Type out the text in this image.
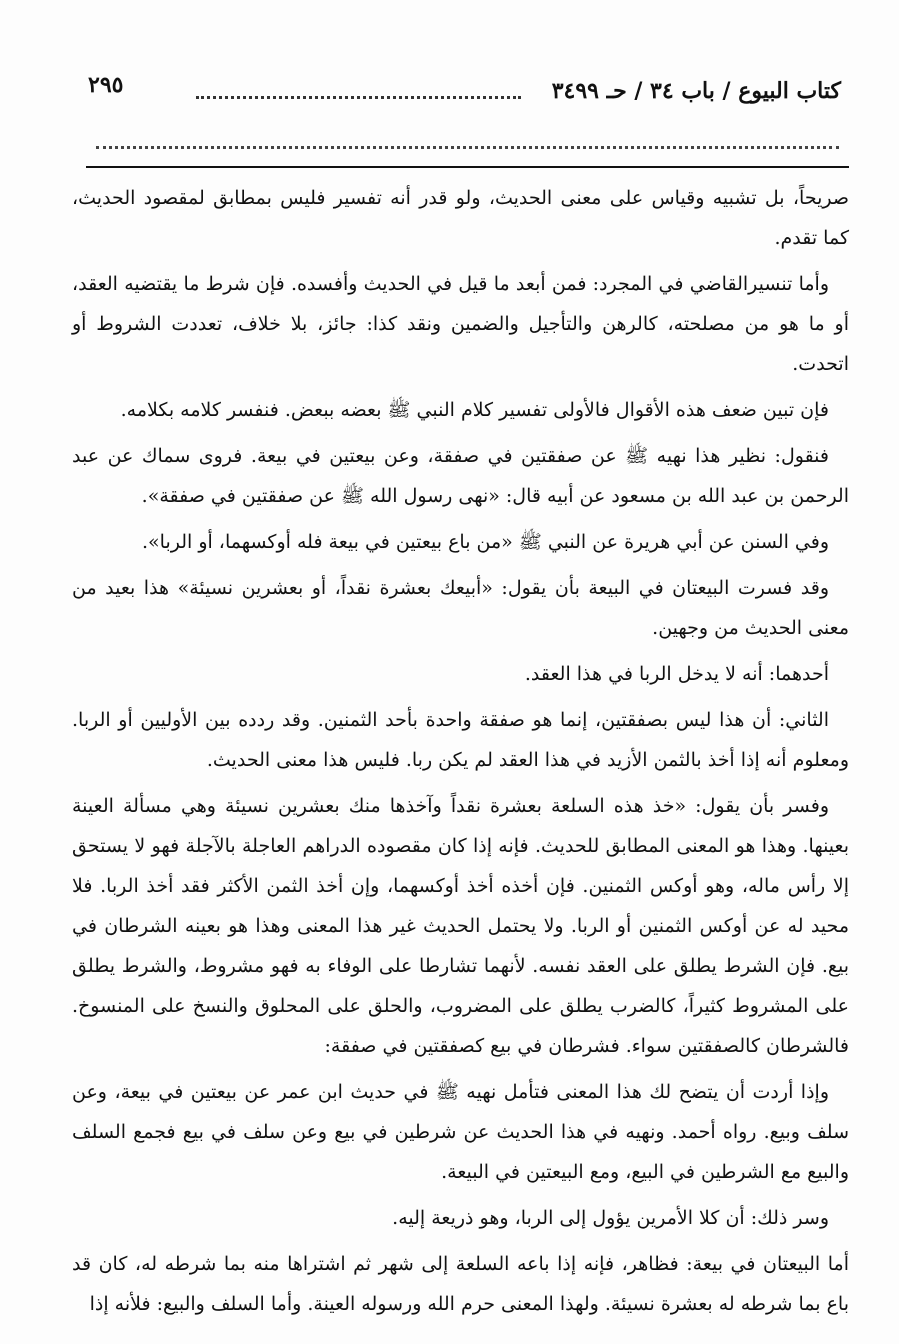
كتاب البيوع / باب ٣٤ / حـ ٣٤٩٩
٢٩٥

صريحاً، بل تشبيه وقياس على معنى الحديث، ولو قدر أنه تفسير فليس بمطابق لمقصود الحديث، كما تقدم.

وأما تنسيرالقاضي في المجرد: فمن أبعد ما قيل في الحديث وأفسده. فإن شرط ما يقتضيه العقد، أو ما هو من مصلحته، كالرهن والتأجيل والضمين ونقد كذا: جائز، بلا خلاف، تعددت الشروط أو اتحدت.

فإن تبين ضعف هذه الأقوال فالأولى تفسير كلام النبي ﷺ بعضه ببعض. فنفسر كلامه بكلامه.

فنقول: نظير هذا نهيه ﷺ عن صفقتين في صفقة، وعن بيعتين في بيعة. فروى سماك عن عبد الرحمن بن عبد الله بن مسعود عن أبيه قال: «نهى رسول الله ﷺ عن صفقتين في صفقة».

وفي السنن عن أبي هريرة عن النبي ﷺ «من باع بيعتين في بيعة فله أوكسهما، أو الربا».

وقد فسرت البيعتان في البيعة بأن يقول: «أبيعك بعشرة نقداً، أو بعشرين نسيئة» هذا بعيد من معنى الحديث من وجهين.

أحدهما: أنه لا يدخل الربا في هذا العقد.

الثاني: أن هذا ليس بصفقتين، إنما هو صفقة واحدة بأحد الثمنين. وقد ردده بين الأوليين أو الربا. ومعلوم أنه إذا أخذ بالثمن الأزيد في هذا العقد لم يكن ربا. فليس هذا معنى الحديث.

وفسر بأن يقول: «خذ هذه السلعة بعشرة نقداً وآخذها منك بعشرين نسيئة وهي مسألة العينة بعينها. وهذا هو المعنى المطابق للحديث. فإنه إذا كان مقصوده الدراهم العاجلة بالآجلة فهو لا يستحق إلا رأس ماله، وهو أوكس الثمنين. فإن أخذه أخذ أوكسهما، وإن أخذ الثمن الأكثر فقد أخذ الربا. فلا محيد له عن أوكس الثمنين أو الربا. ولا يحتمل الحديث غير هذا المعنى وهذا هو بعينه الشرطان في بيع. فإن الشرط يطلق على العقد نفسه. لأنهما تشارطا على الوفاء به فهو مشروط، والشرط يطلق على المشروط كثيراً، كالضرب يطلق على المضروب، والحلق على المحلوق والنسخ على المنسوخ. فالشرطان كالصفقتين سواء. فشرطان في بيع كصفقتين في صفقة:

وإذا أردت أن يتضح لك هذا المعنى فتأمل نهيه ﷺ في حديث ابن عمر عن بيعتين في بيعة، وعن سلف وبيع. رواه أحمد. ونهيه في هذا الحديث عن شرطين في بيع وعن سلف في بيع فجمع السلف والبيع مع الشرطين في البيع، ومع البيعتين في البيعة.

وسر ذلك: أن كلا الأمرين يؤول إلى الربا، وهو ذريعة إليه.

أما البيعتان في بيعة: فظاهر، فإنه إذا باعه السلعة إلى شهر ثم اشتراها منه بما شرطه له، كان قد باع بما شرطه له بعشرة نسيئة. ولهذا المعنى حرم الله ورسوله العينة. وأما السلف والبيع: فلأنه إذا
